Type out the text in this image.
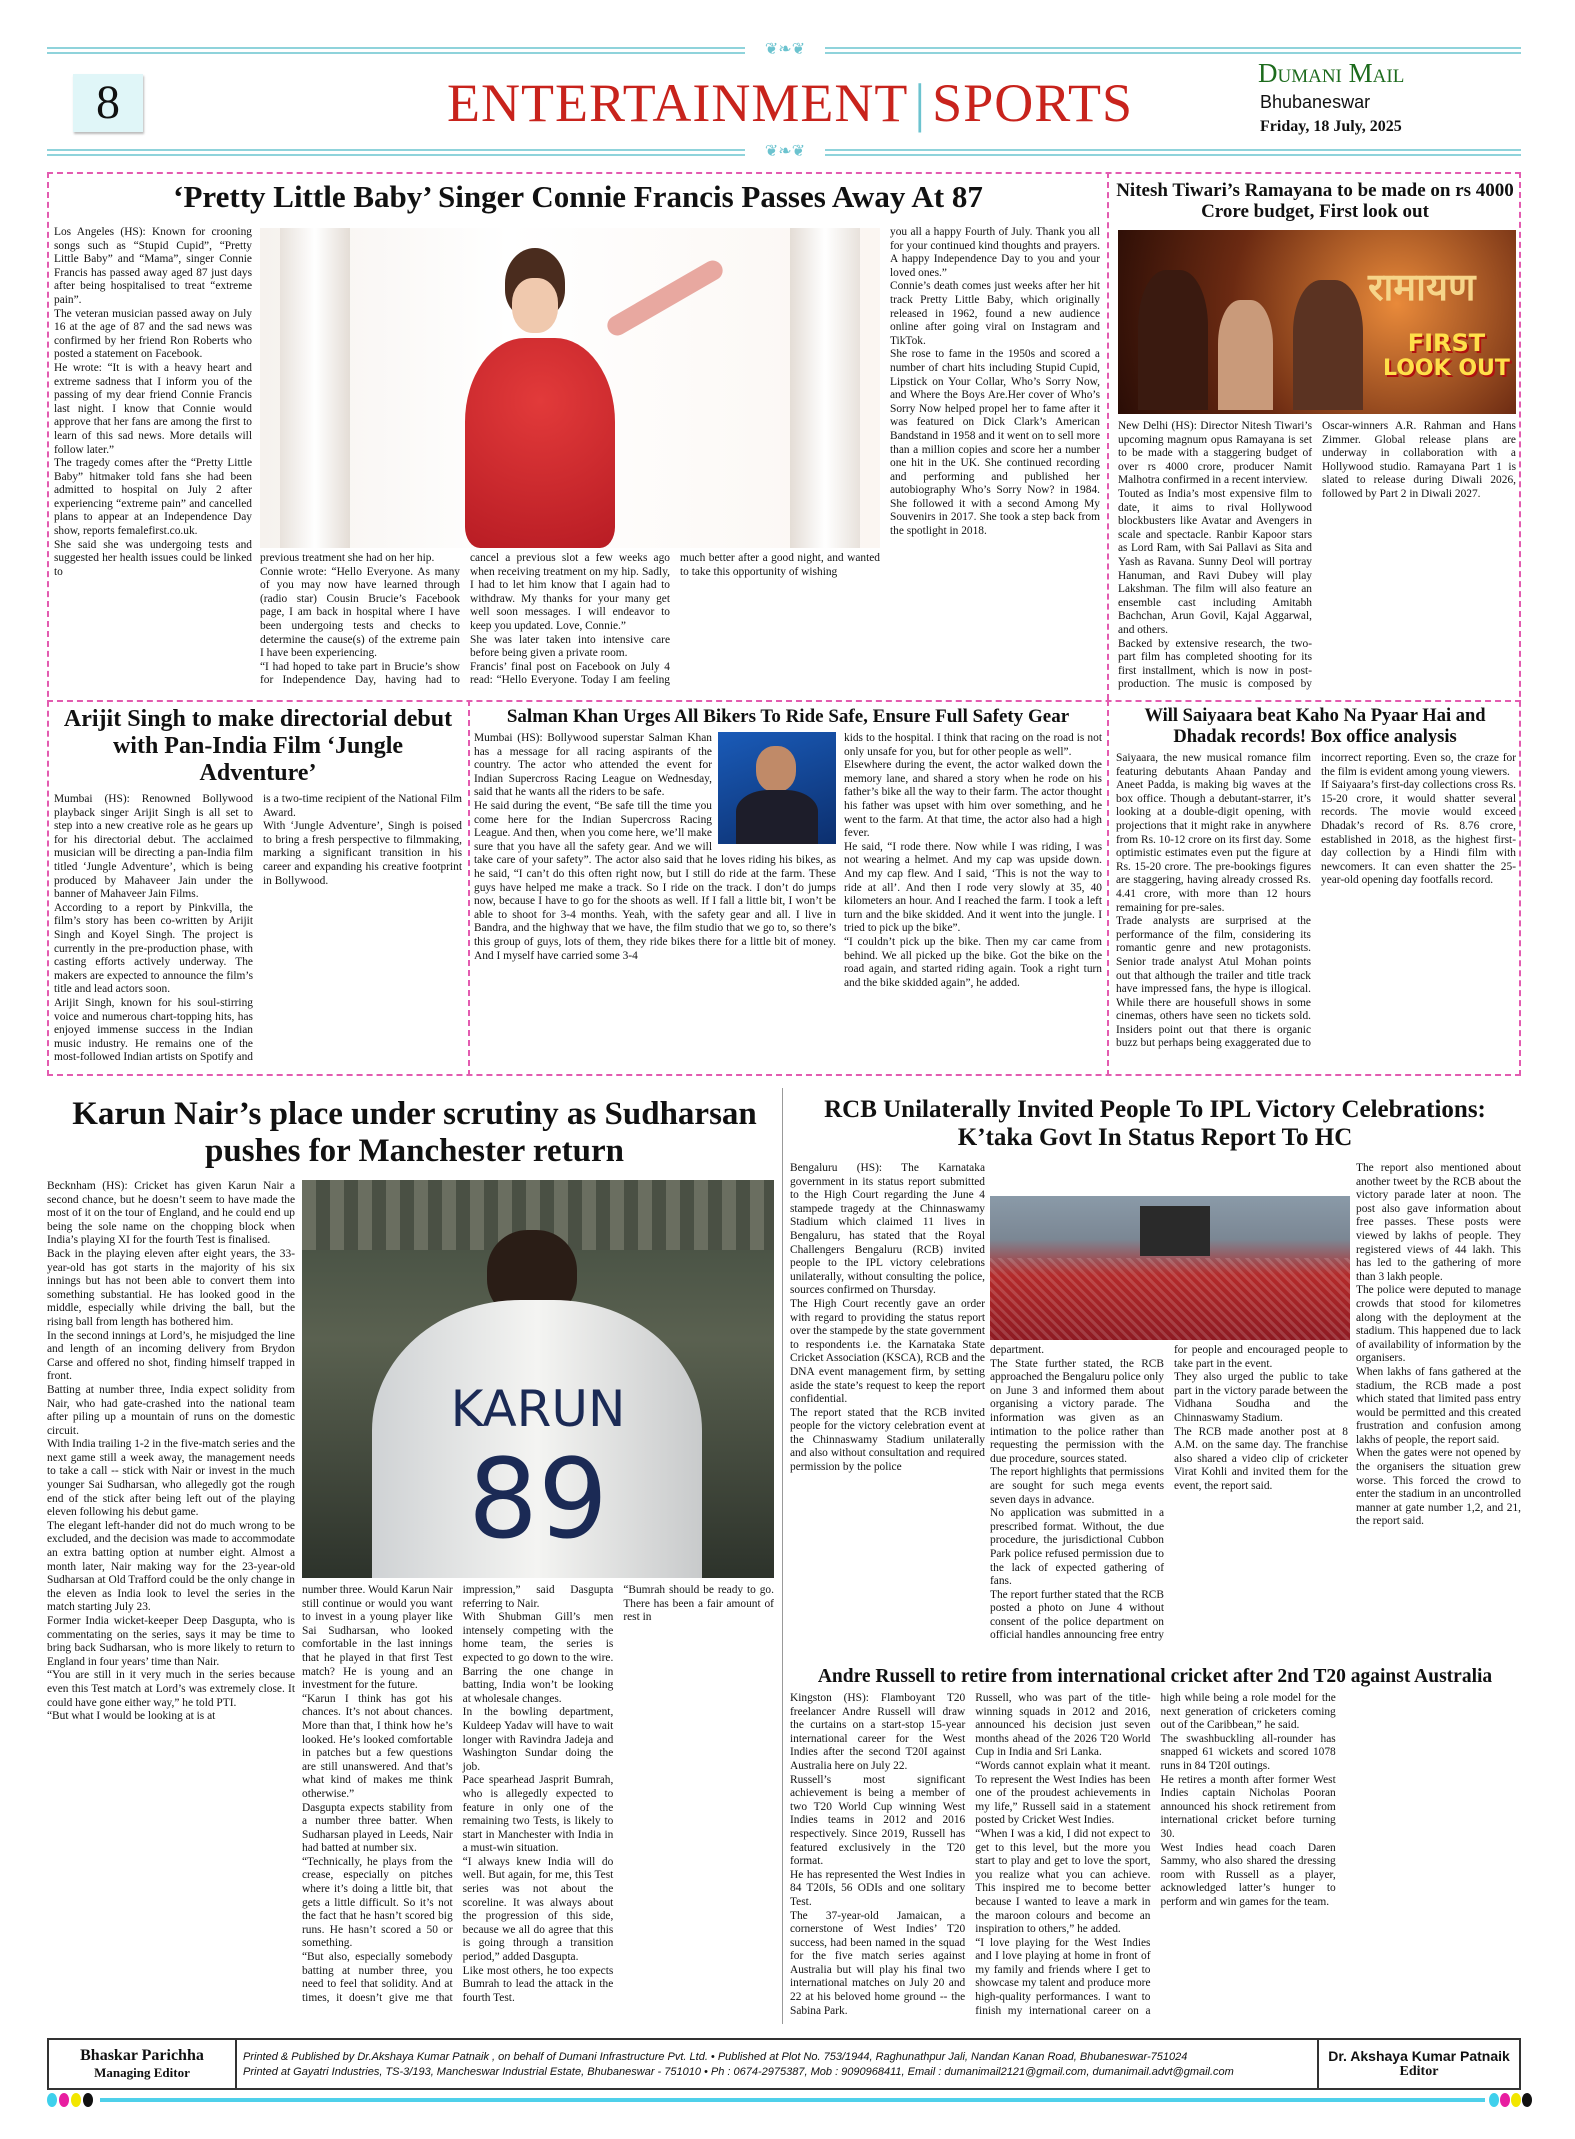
❦❧❦
❦❧❦
8	ENTERTAINMENT | SPORTS	Dumani Mail
Bhubaneswar
Friday, 18 July, 2025
‘Pretty Little Baby’ Singer Connie Francis Passes Away At 87

Los Angeles (HS): Known for crooning songs such as “Stupid Cupid”, “Pretty Little Baby” and “Mama”, singer Connie Francis has passed away aged 87 just days after being hospitalised to treat “extreme pain”.

The veteran musician passed away on July 16 at the age of 87 and the sad news was confirmed by her friend Ron Roberts who posted a statement on Facebook.

He wrote: “It is with a heavy heart and extreme sadness that I inform you of the passing of my dear friend Connie Francis last night. I know that Connie would approve that her fans are among the first to learn of this sad news. More details will follow later.”

The tragedy comes after the “Pretty Little Baby” hitmaker told fans she had been admitted to hospital on July 2 after experiencing “extreme pain” and cancelled plans to appear at an Independence Day show, reports femalefirst.co.uk.

She said she was undergoing tests and suggested her health issues could be linked to

previous treatment she had on her hip.

Connie wrote: “Hello Everyone. As many of you may now have learned through (radio star) Cousin Brucie’s Facebook page, I am back in hospital where I have been undergoing tests and checks to determine the cause(s) of the extreme pain I have been experiencing.

“I had hoped to take part in Brucie’s show for Independence Day, having had to cancel a previous slot a few weeks ago when receiving treatment on my hip. Sadly, I had to let him know that I again had to withdraw. My thanks for your many get well soon messages. I will endeavor to keep you updated. Love, Connie.”

She was later taken into intensive care before being given a private room.

Francis’ final post on Facebook on July 4 read: “Hello Everyone. Today I am feeling much better after a good night, and wanted to take this opportunity of wishing

you all a happy Fourth of July. Thank you all for your continued kind thoughts and prayers. A happy Independence Day to you and your loved ones.”

Connie’s death comes just weeks after her hit track Pretty Little Baby, which originally released in 1962, found a new audience online after going viral on Instagram and TikTok.

She rose to fame in the 1950s and scored a number of chart hits including Stupid Cupid, Lipstick on Your Collar, Who’s Sorry Now, and Where the Boys Are.Her cover of Who’s Sorry Now helped propel her to fame after it was featured on Dick Clark’s American Bandstand in 1958 and it went on to sell more than a million copies and score her a number one hit in the UK. She continued recording and performing and published her autobiography Who’s Sorry Now? in 1984. She followed it with a second Among My Souvenirs in 2017. She took a step back from the spotlight in 2018.

Nitesh Tiwari’s Ramayana to be made on rs 4000 Crore budget, First look out
रामायण
FIRST
LOOK OUT

New Delhi (HS): Director Nitesh Tiwari’s upcoming magnum opus Ramayana is set to be made with a staggering budget of over rs 4000 crore, producer Namit Malhotra confirmed in a recent interview.

Touted as India’s most expensive film to date, it aims to rival Hollywood blockbusters like Avatar and Avengers in scale and spectacle. Ranbir Kapoor stars as Lord Ram, with Sai Pallavi as Sita and Yash as Ravana. Sunny Deol will portray Hanuman, and Ravi Dubey will play Lakshman. The film will also feature an ensemble cast including Amitabh Bachchan, Arun Govil, Kajal Aggarwal, and others.

Backed by extensive research, the two-part film has completed shooting for its first installment, which is now in post-production. The music is composed by Oscar-winners A.R. Rahman and Hans Zimmer. Global release plans are underway in collaboration with a Hollywood studio. Ramayana Part 1 is slated to release during Diwali 2026, followed by Part 2 in Diwali 2027.

Arijit Singh to make directorial debut with Pan-India Film ‘Jungle Adventure’

Mumbai (HS): Renowned Bollywood playback singer Arijit Singh is all set to step into a new creative role as he gears up for his directorial debut. The acclaimed musician will be directing a pan-India film titled ‘Jungle Adventure’, which is being produced by Mahaveer Jain under the banner of Mahaveer Jain Films.

According to a report by Pinkvilla, the film’s story has been co-written by Arijit Singh and Koyel Singh. The project is currently in the pre-production phase, with casting efforts actively underway. The makers are expected to announce the film’s title and lead actors soon.

Arijit Singh, known for his soul-stirring voice and numerous chart-topping hits, has enjoyed immense success in the Indian music industry. He remains one of the most-followed Indian artists on Spotify and is a two-time recipient of the National Film Award.

With ‘Jungle Adventure’, Singh is poised to bring a fresh perspective to filmmaking, marking a significant transition in his career and expanding his creative footprint in Bollywood.

Salman Khan Urges All Bikers To Ride Safe, Ensure Full Safety Gear

Mumbai (HS): Bollywood superstar Salman Khan has a message for all racing aspirants of the country. The actor who attended the event for Indian Supercross Racing League on Wednesday, said that he wants all the riders to be safe.

He said during the event, “Be safe till the time you come here for the Indian Supercross Racing League. And then, when you come here, we’ll make sure that you have all the safety gear. And we will take care of your safety”. The actor also said that he loves riding his bikes, as he said, “I can’t do this often right now, but I still do ride at the farm. These guys have helped me make a track. So I ride on the track. I don’t do jumps now, because I have to go for the shoots as well. If I fall a little bit, I won’t be able to shoot for 3-4 months. Yeah, with the safety gear and all. I live in Bandra, and the highway that we have, the film studio that we go to, so there’s this group of guys, lots of them, they ride bikes there for a little bit of money. And I myself have carried some 3-4

kids to the hospital. I think that racing on the road is not only unsafe for you, but for other people as well”.

Elsewhere during the event, the actor walked down the memory lane, and shared a story when he rode on his father’s bike all the way to their farm. The actor thought his father was upset with him over something, and he went to the farm. At that time, the actor also had a high fever.

He said, “I rode there. Now while I was riding, I was not wearing a helmet. And my cap was upside down. And my cap flew. And I said, ‘This is not the way to ride at all’. And then I rode very slowly at 35, 40 kilometers an hour. And I reached the farm. I took a left turn and the bike skidded. And it went into the jungle. I tried to pick up the bike”.

“I couldn’t pick up the bike. Then my car came from behind. We all picked up the bike. Got the bike on the road again, and started riding again. Took a right turn and the bike skidded again”, he added.

Will Saiyaara beat Kaho Na Pyaar Hai and Dhadak records! Box office analysis

Saiyaara, the new musical romance film featuring debutants Ahaan Panday and Aneet Padda, is making big waves at the box office. Though a debutant-starrer, it’s looking at a double-digit opening, with projections that it might rake in anywhere from Rs. 10-12 crore on its first day. Some optimistic estimates even put the figure at Rs. 15-20 crore. The pre-bookings figures are staggering, having already crossed Rs. 4.41 crore, with more than 12 hours remaining for pre-sales.

Trade analysts are surprised at the performance of the film, considering its romantic genre and new protagonists. Senior trade analyst Atul Mohan points out that although the trailer and title track have impressed fans, the hype is illogical. While there are housefull shows in some cinemas, others have seen no tickets sold. Insiders point out that there is organic buzz but perhaps being exaggerated due to incorrect reporting. Even so, the craze for the film is evident among young viewers.

If Saiyaara’s first-day collections cross Rs. 15-20 crore, it would shatter several records. The movie would exceed Dhadak’s record of Rs. 8.76 crore, established in 2018, as the highest first-day collection by a Hindi film with newcomers. It can even shatter the 25-year-old opening day footfalls record.

Karun Nair’s place under scrutiny as Sudharsan pushes for Manchester return

Becknham (HS): Cricket has given Karun Nair a second chance, but he doesn’t seem to have made the most of it on the tour of England, and he could end up being the sole name on the chopping block when India’s playing XI for the fourth Test is finalised.

Back in the playing eleven after eight years, the 33-year-old has got starts in the majority of his six innings but has not been able to convert them into something substantial. He has looked good in the middle, especially while driving the ball, but the rising ball from length has bothered him.

In the second innings at Lord’s, he misjudged the line and length of an incoming delivery from Brydon Carse and offered no shot, finding himself trapped in front.

Batting at number three, India expect solidity from Nair, who had gate-crashed into the national team after piling up a mountain of runs on the domestic circuit.

With India trailing 1-2 in the five-match series and the next game still a week away, the management needs to take a call -- stick with Nair or invest in the much younger Sai Sudharsan, who allegedly got the rough end of the stick after being left out of the playing eleven following his debut game.

The elegant left-hander did not do much wrong to be excluded, and the decision was made to accommodate an extra batting option at number eight. Almost a month later, Nair making way for the 23-year-old Sudharsan at Old Trafford could be the only change in the eleven as India look to level the series in the match starting July 23.

Former India wicket-keeper Deep Dasgupta, who is commentating on the series, says it may be time to bring back Sudharsan, who is more likely to return to England in four years’ time than Nair.

“You are still in it very much in the series because even this Test match at Lord’s was extremely close. It could have gone either way,” he told PTI.

“But what I would be looking at is at

KARUN
89

number three. Would Karun Nair still continue or would you want to invest in a young player like Sai Sudharsan, who looked comfortable in the last innings that he played in that first Test match? He is young and an investment for the future.

“Karun I think has got his chances. It’s not about chances. More than that, I think how he’s looked. He’s looked comfortable in patches but a few questions are still unanswered. And that’s what kind of makes me think otherwise.”

Dasgupta expects stability from a number three batter. When Sudharsan played in Leeds, Nair had batted at number six.

“Technically, he plays from the crease, especially on pitches where it’s doing a little bit, that gets a little difficult. So it’s not the fact that he hasn’t scored big runs. He hasn’t scored a 50 or something.

“But also, especially somebody batting at number three, you need to feel that solidity. And at times, it doesn’t give me that impression,” said Dasgupta referring to Nair.

With Shubman Gill’s men intensely competing with the home team, the series is expected to go down to the wire. Barring the one change in batting, India won’t be looking at wholesale changes.

In the bowling department, Kuldeep Yadav will have to wait longer with Ravindra Jadeja and Washington Sundar doing the job.

Pace spearhead Jasprit Bumrah, who is allegedly expected to feature in only one of the remaining two Tests, is likely to start in Manchester with India in a must-win situation.

“I always knew India will do well. But again, for me, this Test series was not about the scoreline. It was always about the progression of this side, because we all do agree that this is going through a transition period,” added Dasgupta.

Like most others, he too expects Bumrah to lead the attack in the fourth Test.

“Bumrah should be ready to go. There has been a fair amount of rest in

RCB Unilaterally Invited People To IPL Victory Celebrations: K’taka Govt In Status Report To HC

Bengaluru (HS): The Karnataka government in its status report submitted to the High Court regarding the June 4 stampede tragedy at the Chinnaswamy Stadium which claimed 11 lives in Bengaluru, has stated that the Royal Challengers Bengaluru (RCB) invited people to the IPL victory celebrations unilaterally, without consulting the police, sources confirmed on Thursday.

The High Court recently gave an order with regard to providing the status report over the stampede by the state government to respondents i.e. the Karnataka State Cricket Association (KSCA), RCB and the DNA event management firm, by setting aside the state’s request to keep the report confidential.

The report stated that the RCB invited people for the victory celebration event at the Chinnaswamy Stadium unilaterally and also without consultation and required permission by the police

department.

The State further stated, the RCB approached the Bengaluru police only on June 3 and informed them about organising a victory parade. The information was given as an intimation to the police rather than requesting the permission with the due procedure, sources stated.

The report highlights that permissions are sought for such mega events seven days in advance.

No application was submitted in a prescribed format. Without, the due procedure, the jurisdictional Cubbon Park police refused permission due to the lack of expected gathering of fans.

The report further stated that the RCB posted a photo on June 4 without consent of the police department on official handles announcing free entry for people and encouraged people to take part in the event.

They also urged the public to take part in the victory parade between the Vidhana Soudha and the Chinnaswamy Stadium.

The RCB made another post at 8 A.M. on the same day. The franchise also shared a video clip of cricketer Virat Kohli and invited them for the event, the report said.

The report also mentioned about another tweet by the RCB about the victory parade later at noon. The post also gave information about free passes. These posts were viewed by lakhs of people. They registered views of 44 lakh. This has led to the gathering of more than 3 lakh people.

The police were deputed to manage crowds that stood for kilometres along with the deployment at the stadium. This happened due to lack of availability of information by the organisers.

When lakhs of fans gathered at the stadium, the RCB made a post which stated that limited pass entry would be permitted and this created frustration and confusion among lakhs of people, the report said.

When the gates were not opened by the organisers the situation grew worse. This forced the crowd to enter the stadium in an uncontrolled manner at gate number 1,2, and 21, the report said.

Andre Russell to retire from international cricket after 2nd T20 against Australia

Kingston (HS): Flamboyant T20 freelancer Andre Russell will draw the curtains on a start-stop 15-year international career for the West Indies after the second T20I against Australia here on July 22.

Russell’s most significant achievement is being a member of two T20 World Cup winning West Indies teams in 2012 and 2016 respectively. Since 2019, Russell has featured exclusively in the T20 format.

He has represented the West Indies in 84 T20Is, 56 ODIs and one solitary Test.

The 37-year-old Jamaican, a cornerstone of West Indies’ T20 success, had been named in the squad for the five match series against Australia but will play his final two international matches on July 20 and 22 at his beloved home ground -- the Sabina Park.

Russell, who was part of the title-winning squads in 2012 and 2016, announced his decision just seven months ahead of the 2026 T20 World Cup in India and Sri Lanka.

“Words cannot explain what it meant. To represent the West Indies has been one of the proudest achievements in my life,” Russell said in a statement posted by Cricket West Indies.

“When I was a kid, I did not expect to get to this level, but the more you start to play and get to love the sport, you realize what you can achieve. This inspired me to become better because I wanted to leave a mark in the maroon colours and become an inspiration to others,” he added.

“I love playing for the West Indies and I love playing at home in front of my family and friends where I get to showcase my talent and produce more high-quality performances. I want to finish my international career on a high while being a role model for the next generation of cricketers coming out of the Caribbean,” he said.

The swashbuckling all-rounder has snapped 61 wickets and scored 1078 runs in 84 T20I outings.

He retires a month after former West Indies captain Nicholas Pooran announced his shock retirement from international cricket before turning 30.

West Indies head coach Daren Sammy, who also shared the dressing room with Russell as a player, acknowledged latter’s hunger to perform and win games for the team.

Bhaskar Parichha
Managing Editor
Printed & Published by Dr.Akshaya Kumar Patnaik , on behalf of Dumani Infrastructure Pvt. Ltd. • Published at Plot No. 753/1944, Raghunathpur Jali, Nandan Kanan Road, Bhubaneswar-751024
Printed at Gayatri Industries, TS-3/193, Mancheswar Industrial Estate, Bhubaneswar - 751010 • Ph : 0674-2975387, Mob : 9090968411, Email : dumanimail2121@gmail.com, dumanimail.advt@gmail.com
Dr. Akshaya Kumar Patnaik
Editor
